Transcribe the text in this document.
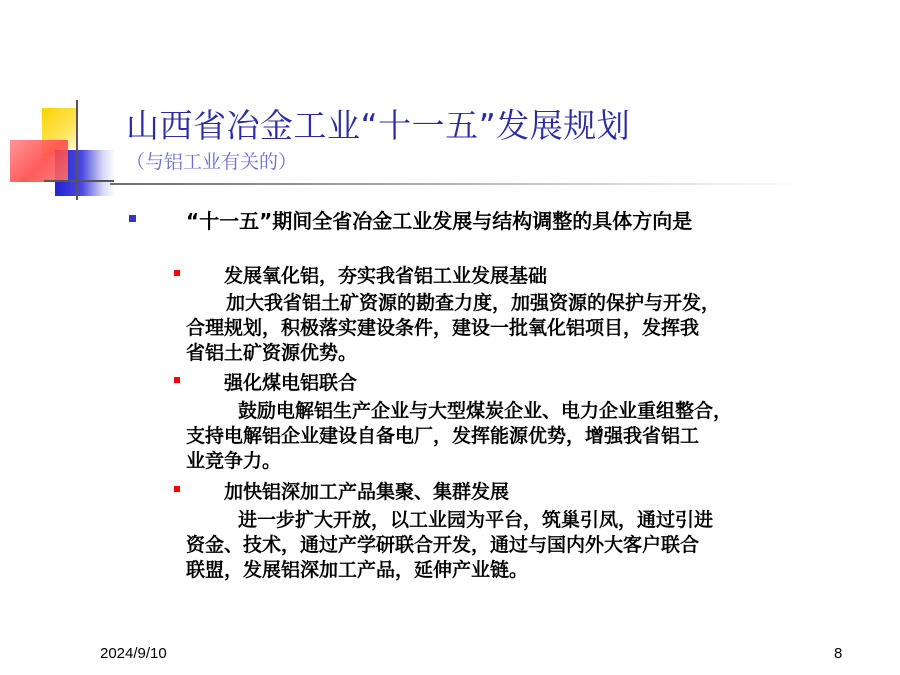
山西省冶金工业“十一五”发展规划
（与铝工业有关的）
“十一五”期间全省冶金工业发展与结构调整的具体方向是
发展氧化铝，夯实我省铝工业发展基础
加大我省铝土矿资源的勘查力度，加强资源的保护与开发，
合理规划，积极落实建设条件，建设一批氧化铝项目，发挥我
省铝土矿资源优势。
强化煤电铝联合
鼓励电解铝生产企业与大型煤炭企业、电力企业重组整合，
支持电解铝企业建设自备电厂，发挥能源优势，增强我省铝工
业竞争力。
加快铝深加工产品集聚、集群发展
进一步扩大开放，以工业园为平台，筑巢引凤，通过引进
资金、技术，通过产学研联合开发，通过与国内外大客户联合
联盟，发展铝深加工产品，延伸产业链。
2024/9/10	8
